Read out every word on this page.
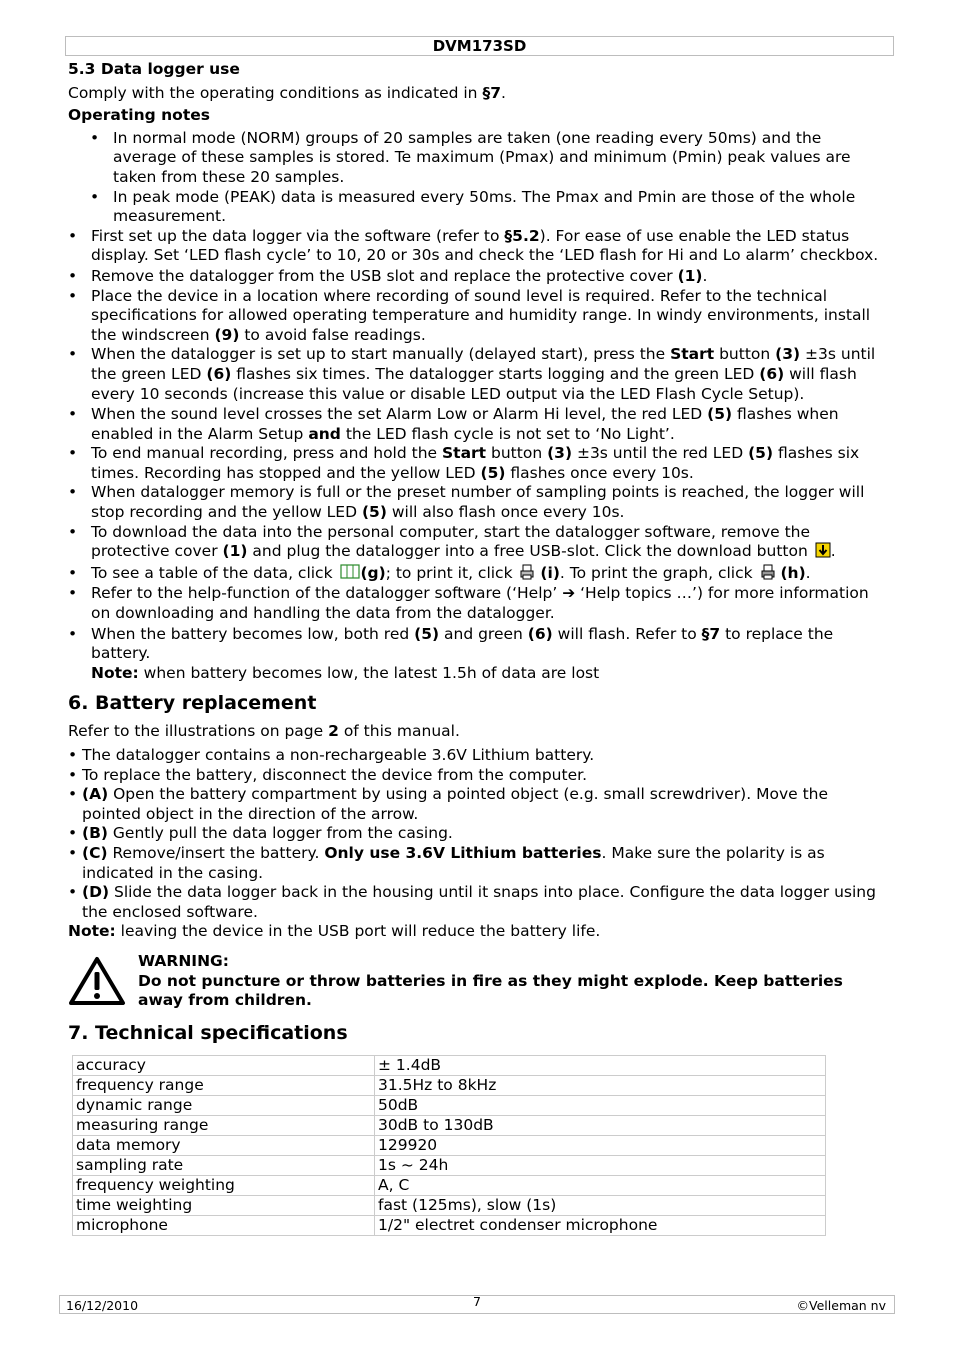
DVM173SD

5.3 Data logger use

Comply with the operating conditions as indicated in §7.

Operating notes

• In normal mode (NORM) groups of 20 samples are taken (one reading every 50ms) and the average of these samples is stored. Te maximum (Pmax) and minimum (Pmin) peak values are taken from these 20 samples.
• In peak mode (PEAK) data is measured every 50ms. The Pmax and Pmin are those of the whole measurement.
• First set up the data logger via the software (refer to §5.2). For ease of use enable the LED status display. Set ‘LED flash cycle’ to 10, 20 or 30s and check the ‘LED flash for Hi and Lo alarm’ checkbox.
• Remove the datalogger from the USB slot and replace the protective cover (1).
• Place the device in a location where recording of sound level is required. Refer to the technical specifications for allowed operating temperature and humidity range. In windy environments, install the windscreen (9) to avoid false readings.
• When the datalogger is set up to start manually (delayed start), press the Start button (3) ±3s until the green LED (6) flashes six times. The datalogger starts logging and the green LED (6) will flash every 10 seconds (increase this value or disable LED output via the LED Flash Cycle Setup).
• When the sound level crosses the set Alarm Low or Alarm Hi level, the red LED (5) flashes when enabled in the Alarm Setup and the LED flash cycle is not set to ‘No Light’.
• To end manual recording, press and hold the Start button (3) ±3s until the red LED (5) flashes six times. Recording has stopped and the yellow LED (5) flashes once every 10s.
• When datalogger memory is full or the preset number of sampling points is reached, the logger will stop recording and the yellow LED (5) will also flash once every 10s.
• To download the data into the personal computer, start the datalogger software, remove the protective cover (1) and plug the datalogger into a free USB-slot. Click the download button .
• To see a table of the data, click  (g); to print it, click  (i). To print the graph, click  (h).
• Refer to the help-function of the datalogger software (‘Help’ ➔ ‘Help topics …’) for more information on downloading and handling the data from the datalogger.
• When the battery becomes low, both red (5) and green (6) will flash. Refer to §7 to replace the battery.
Note: when battery becomes low, the latest 1.5h of data are lost
6. Battery replacement

Refer to the illustrations on page 2 of this manual.

• The datalogger contains a non-rechargeable 3.6V Lithium battery.
• To replace the battery, disconnect the device from the computer.
• (A) Open the battery compartment by using a pointed object (e.g. small screwdriver). Move the pointed object in the direction of the arrow.
• (B) Gently pull the data logger from the casing.
• (C) Remove/insert the battery. Only use 3.6V Lithium batteries. Make sure the polarity is as indicated in the casing.
• (D) Slide the data logger back in the housing until it snaps into place. Configure the data logger using the enclosed software.

Note: leaving the device in the USB port will reduce the battery life.

WARNING:

Do not puncture or throw batteries in fire as they might explode. Keep batteries away from children.

7. Technical specifications
accuracy	± 1.4dB
frequency range	31.5Hz to 8kHz
dynamic range	50dB
measuring range	30dB to 130dB
data memory	129920
sampling rate	1s ~ 24h
frequency weighting	A, C
time weighting	fast (125ms), slow (1s)
microphone	1/2" electret condenser microphone
16/12/2010	7	©Velleman nv
